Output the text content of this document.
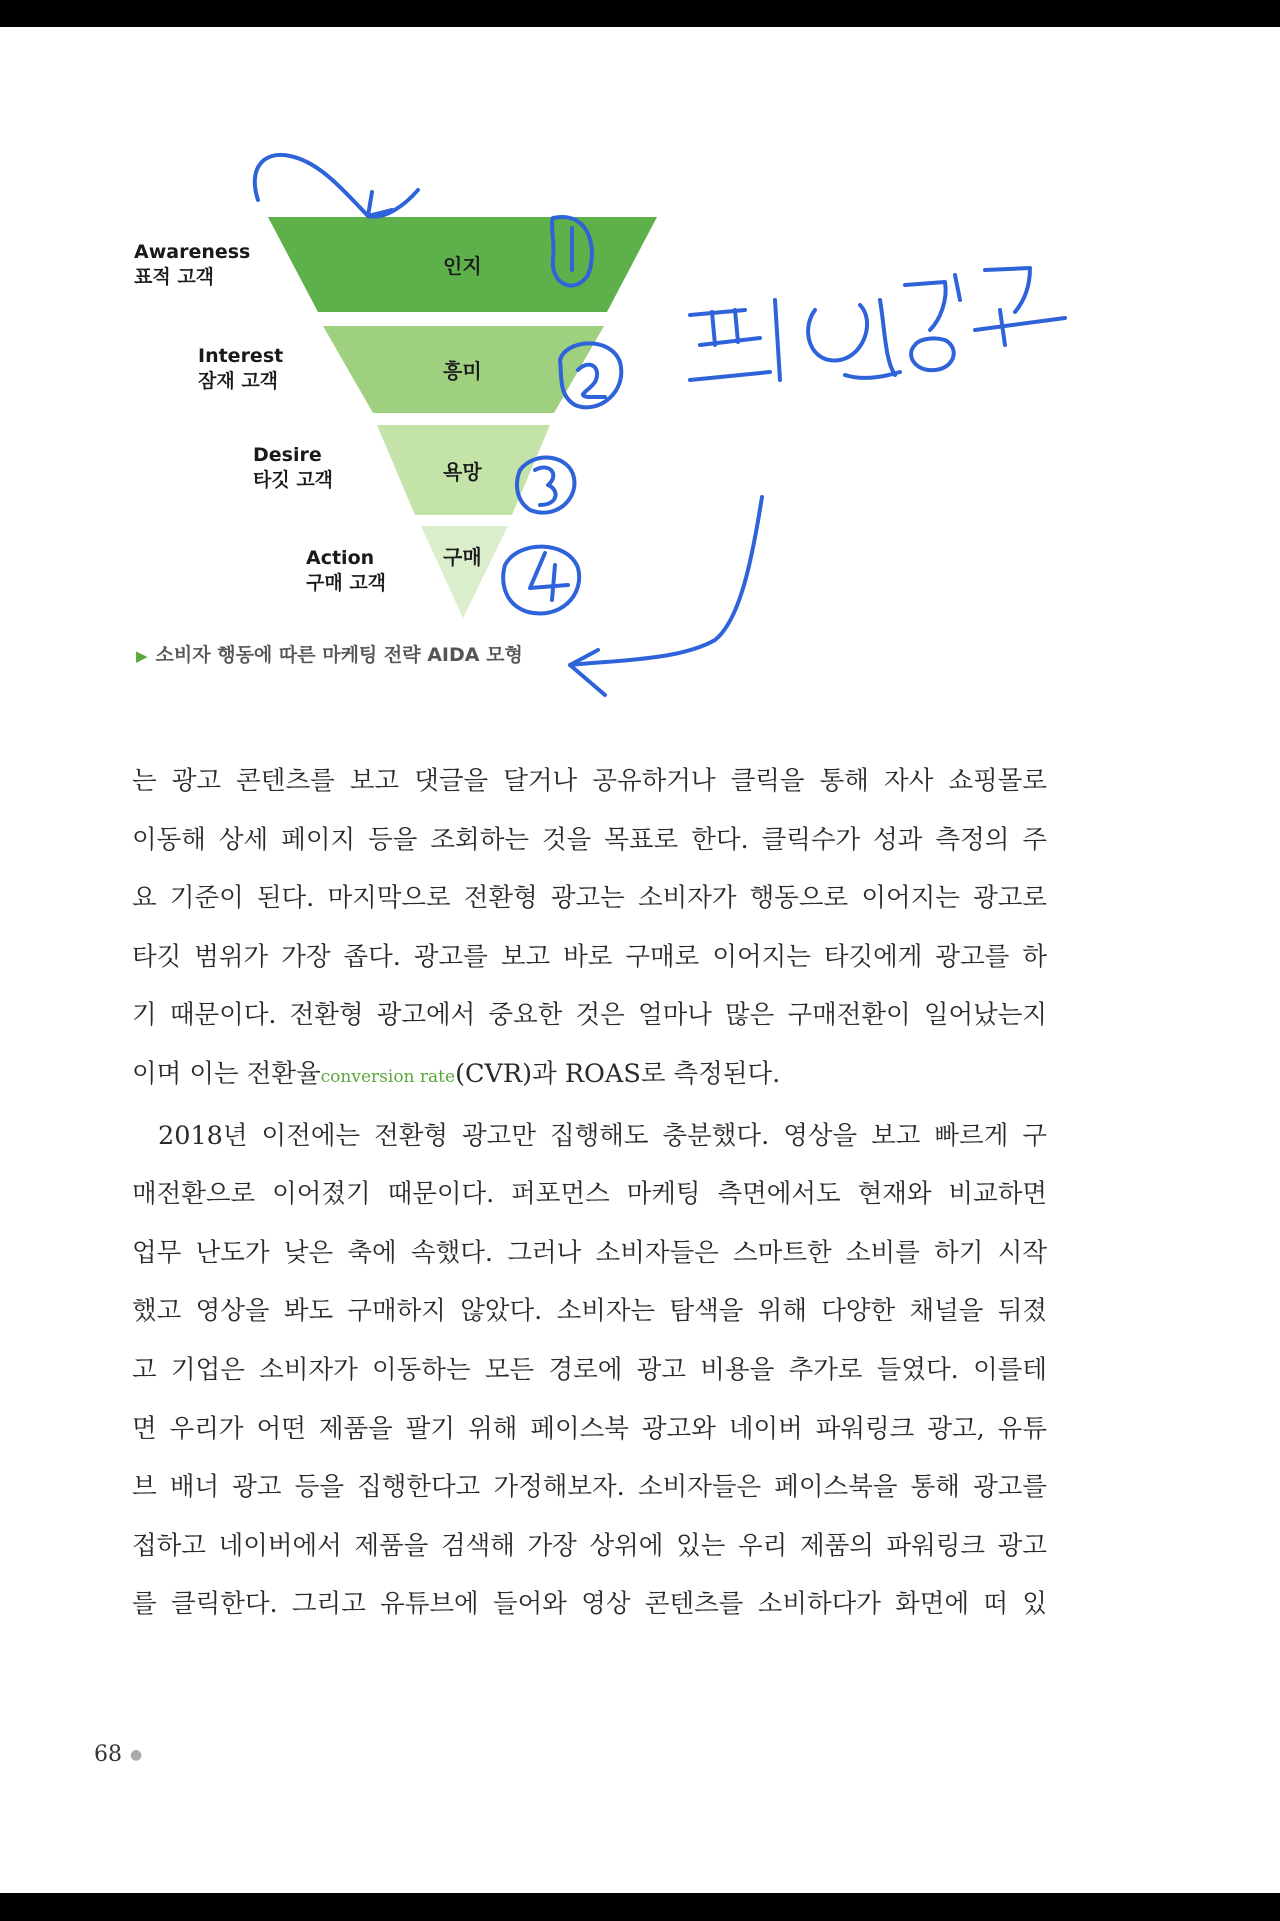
인지
흥미
욕망
구매
Awareness
표적 고객
Interest
잠재 고객
Desire
타깃 고객
Action
구매 고객
▶ 소비자 행동에 따른 마케팅 전략 AIDA 모형

는 광고 콘텐츠를 보고 댓글을 달거나 공유하거나 클릭을 통해 자사 쇼핑몰로

이동해 상세 페이지 등을 조회하는 것을 목표로 한다. 클릭수가 성과 측정의 주

요 기준이 된다. 마지막으로 전환형 광고는 소비자가 행동으로 이어지는 광고로

타깃 범위가 가장 좁다. 광고를 보고 바로 구매로 이어지는 타깃에게 광고를 하

기 때문이다. 전환형 광고에서 중요한 것은 얼마나 많은 구매전환이 일어났는지

이며 이는 전환율conversion rate(CVR)과 ROAS로 측정된다.

2018년 이전에는 전환형 광고만 집행해도 충분했다. 영상을 보고 빠르게 구

매전환으로 이어졌기 때문이다. 퍼포먼스 마케팅 측면에서도 현재와 비교하면

업무 난도가 낮은 축에 속했다. 그러나 소비자들은 스마트한 소비를 하기 시작

했고 영상을 봐도 구매하지 않았다. 소비자는 탐색을 위해 다양한 채널을 뒤졌

고 기업은 소비자가 이동하는 모든 경로에 광고 비용을 추가로 들였다. 이를테

면 우리가 어떤 제품을 팔기 위해 페이스북 광고와 네이버 파워링크 광고, 유튜

브 배너 광고 등을 집행한다고 가정해보자. 소비자들은 페이스북을 통해 광고를

접하고 네이버에서 제품을 검색해 가장 상위에 있는 우리 제품의 파워링크 광고

를 클릭한다. 그리고 유튜브에 들어와 영상 콘텐츠를 소비하다가 화면에 떠 있

68 ●
